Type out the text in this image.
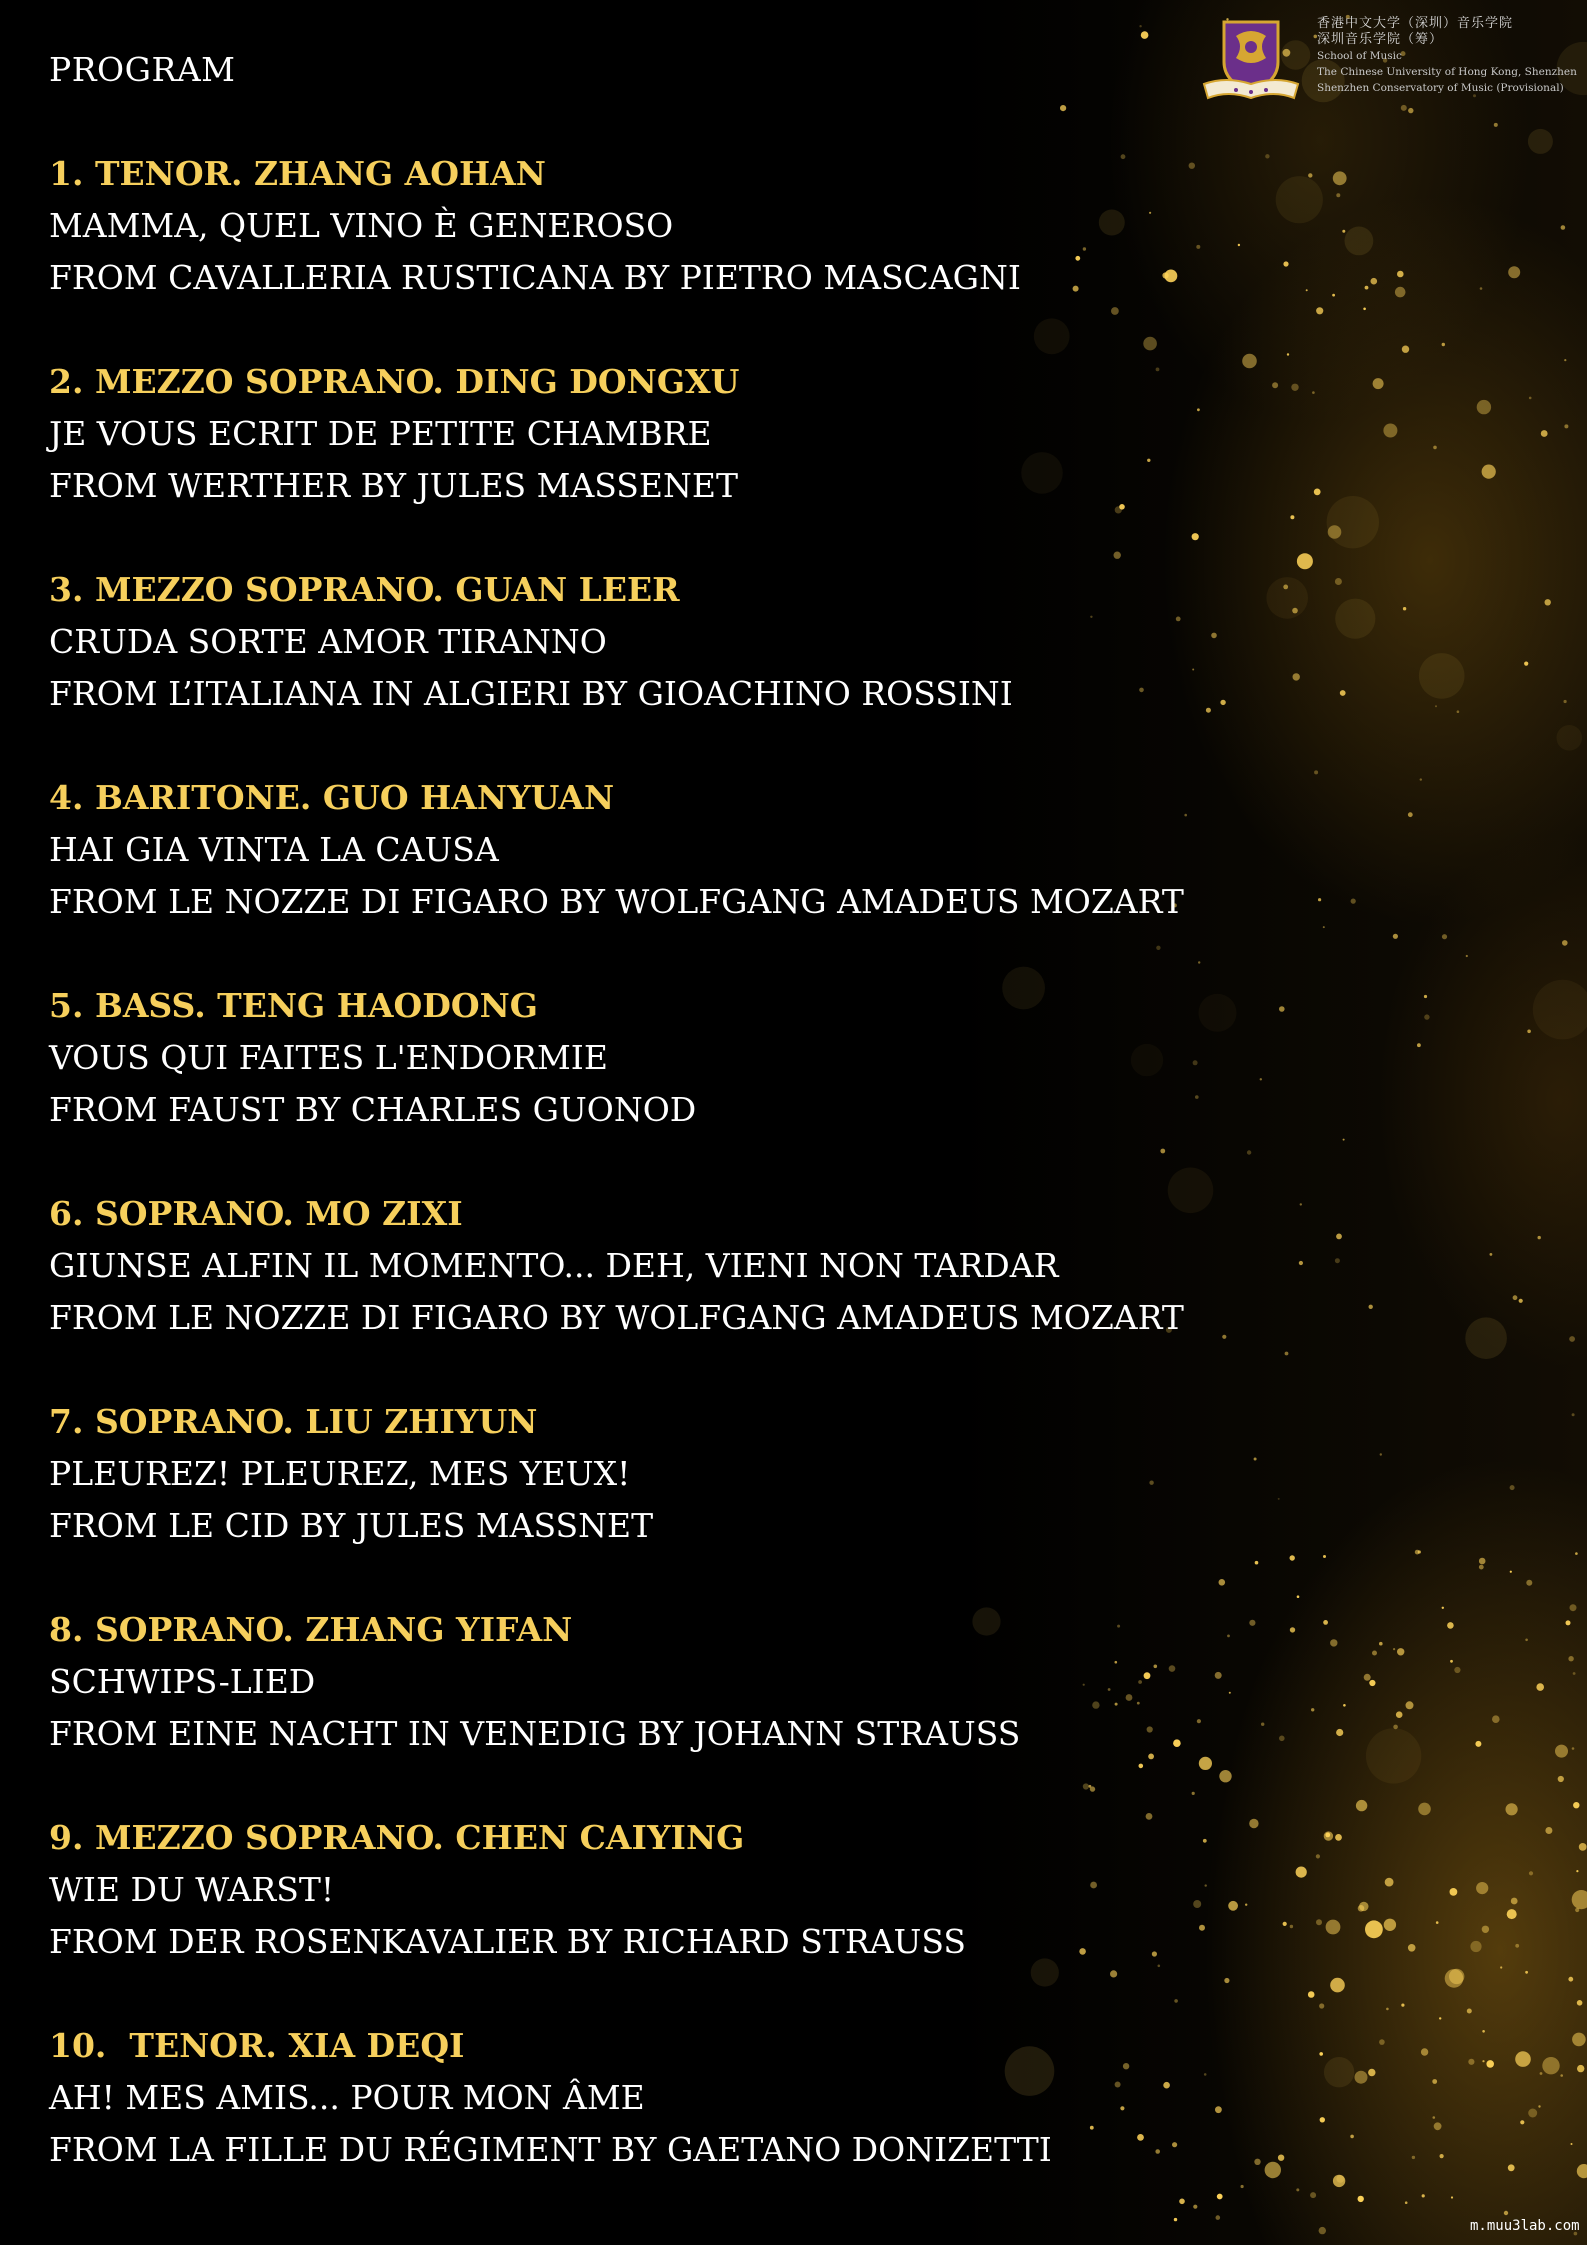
PROGRAM
1. TENOR. ZHANG AOHAN
MAMMA, QUEL VINO È GENEROSO
FROM CAVALLERIA RUSTICANA BY PIETRO MASCAGNI
2. MEZZO SOPRANO. DING DONGXU
JE VOUS ECRIT DE PETITE CHAMBRE
FROM WERTHER BY JULES MASSENET
3. MEZZO SOPRANO. GUAN LEER
CRUDA SORTE AMOR TIRANNO
FROM L’ITALIANA IN ALGIERI BY GIOACHINO ROSSINI
4. BARITONE. GUO HANYUAN
HAI GIA VINTA LA CAUSA
FROM LE NOZZE DI FIGARO BY WOLFGANG AMADEUS MOZART
5. BASS. TENG HAODONG
VOUS QUI FAITES L'ENDORMIE
FROM FAUST BY CHARLES GUONOD
6. SOPRANO. MO ZIXI
GIUNSE ALFIN IL MOMENTO... DEH, VIENI NON TARDAR
FROM LE NOZZE DI FIGARO BY WOLFGANG AMADEUS MOZART
7. SOPRANO. LIU ZHIYUN
PLEUREZ! PLEUREZ, MES YEUX!
FROM LE CID BY JULES MASSNET
8. SOPRANO. ZHANG YIFAN
SCHWIPS-LIED
FROM EINE NACHT IN VENEDIG BY JOHANN STRAUSS
9. MEZZO SOPRANO. CHEN CAIYING
WIE DU WARST!
FROM DER ROSENKAVALIER BY RICHARD STRAUSS
10.  TENOR. XIA DEQI
AH! MES AMIS... POUR MON ÂME
FROM LA FILLE DU RÉGIMENT BY GAETANO DONIZETTI
香港中文大学（深圳）音乐学院
深圳音乐学院（筹）
School of Music
The Chinese University of Hong Kong, Shenzhen
Shenzhen Conservatory of Music (Provisional)
m.muu3lab.com
